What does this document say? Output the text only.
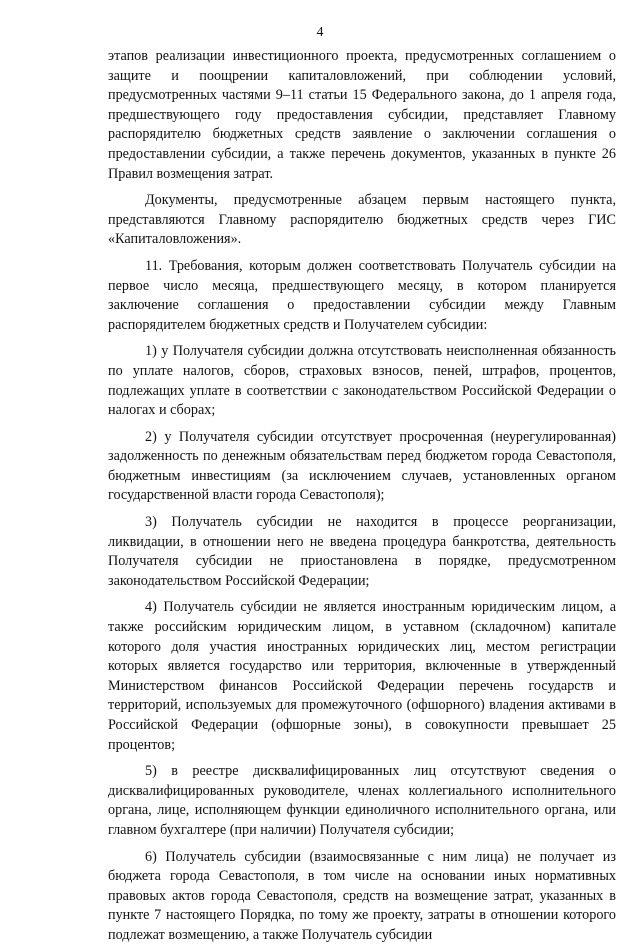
4

этапов реализации инвестиционного проекта, предусмотренных соглашением о защите и поощрении капиталовложений, при соблюдении условий, предусмотренных частями 9–11 статьи 15 Федерального закона, до 1 апреля года, предшествующего году предоставления субсидии, представляет Главному распорядителю бюджетных средств заявление о заключении соглашения о предоставлении субсидии, а также перечень документов, указанных в пункте 26 Правил возмещения затрат.

Документы, предусмотренные абзацем первым настоящего пункта, представляются Главному распорядителю бюджетных средств через ГИС «Капиталовложения».

11. Требования, которым должен соответствовать Получатель субсидии на первое число месяца, предшествующего месяцу, в котором планируется заключение соглашения о предоставлении субсидии между Главным распорядителем бюджетных средств и Получателем субсидии:

1) у Получателя субсидии должна отсутствовать неисполненная обязанность по уплате налогов, сборов, страховых взносов, пеней, штрафов, процентов, подлежащих уплате в соответствии с законодательством Российской Федерации о налогах и сборах;

2) у Получателя субсидии отсутствует просроченная (неурегулированная) задолженность по денежным обязательствам перед бюджетом города Севастополя, бюджетным инвестициям (за исключением случаев, установленных органом государственной власти города Севастополя);

3) Получатель субсидии не находится в процессе реорганизации, ликвидации, в отношении него не введена процедура банкротства, деятельность Получателя субсидии не приостановлена в порядке, предусмотренном законодательством Российской Федерации;

4) Получатель субсидии не является иностранным юридическим лицом, а также российским юридическим лицом, в уставном (складочном) капитале которого доля участия иностранных юридических лиц, местом регистрации которых является государство или территория, включенные в утвержденный Министерством финансов Российской Федерации перечень государств и территорий, используемых для промежуточного (офшорного) владения активами в Российской Федерации (офшорные зоны), в совокупности превышает 25 процентов;

5) в реестре дисквалифицированных лиц отсутствуют сведения о дисквалифицированных руководителе, членах коллегиального исполнительного органа, лице, исполняющем функции единоличного исполнительного органа, или главном бухгалтере (при наличии) Получателя субсидии;

6) Получатель субсидии (взаимосвязанные с ним лица) не получает из бюджета города Севастополя, в том числе на основании иных нормативных правовых актов города Севастополя, средств на возмещение затрат, указанных в пункте 7 настоящего Порядка, по тому же проекту, затраты в отношении которого подлежат возмещению, а также Получатель субсидии
